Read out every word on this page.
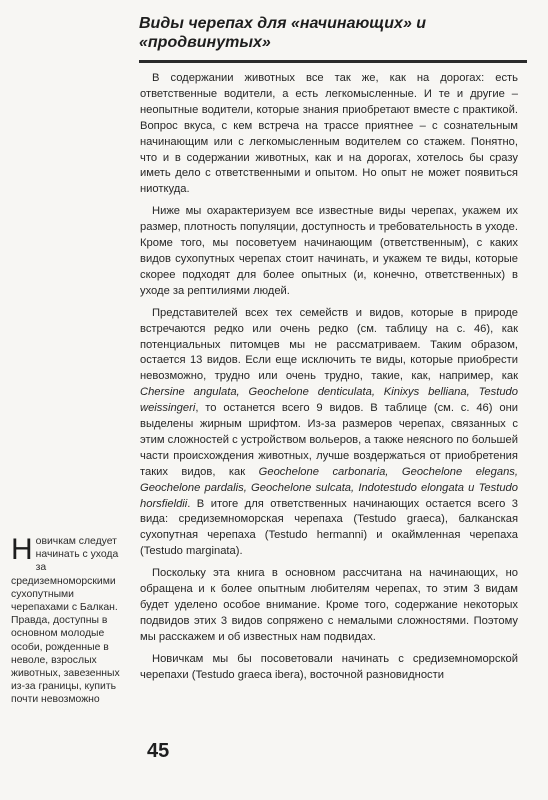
Виды черепах для «начинающих» и «продвинутых»

В содержании животных все так же, как на дорогах: есть ответственные водители, а есть легкомысленные. И те и другие – неопытные водители, которые знания приобретают вместе с практикой. Вопрос вкуса, с кем встреча на трассе приятнее – с сознательным начинающим или с легкомысленным водителем со стажем. Понятно, что и в содержании животных, как и на дорогах, хотелось бы сразу иметь дело с ответственными и опытом. Но опыт не может появиться ниоткуда.

Ниже мы охарактеризуем все известные виды черепах, укажем их размер, плотность популяции, доступность и требовательность в уходе. Кроме того, мы посоветуем начинающим (ответственным), с каких видов сухопутных черепах стоит начинать, и укажем те виды, которые скорее подходят для более опытных (и, конечно, ответственных) в уходе за рептилиями людей.

Представителей всех тех семейств и видов, которые в природе встречаются редко или очень редко (см. таблицу на с. 46), как потенциальных питомцев мы не рассматриваем. Таким образом, остается 13 видов. Если еще исключить те виды, которые приобрести невозможно, трудно или очень трудно, такие, как, например, как Chersine angulata, Geochelone denticulata, Kinixys belliana, Testudo weissingeri, то останется всего 9 видов. В таблице (см. с. 46) они выделены жирным шрифтом. Из-за размеров черепах, связанных с этим сложностей с устройством вольеров, а также неясного по большей части происхождения животных, лучше воздержаться от приобретения таких видов, как Geochelone carbonaria, Geochelone elegans, Geochelone pardalis, Geochelone sulcata, Indotestudo elongata и Testudo horsfieldii. В итоге для ответственных начинающих остается всего 3 вида: средиземноморская черепаха (Testudo graeca), балканская сухопутная черепаха (Testudo hermanni) и окаймленная черепаха (Testudo marginata).

Поскольку эта книга в основном рассчитана на начинающих, но обращена и к более опытным любителям черепах, то этим 3 видам будет уделено особое внимание. Кроме того, содержание некоторых подвидов этих 3 видов сопряжено с немалыми сложностями. Поэтому мы расскажем и об известных нам подвидах.

Новичкам мы бы посоветовали начинать с средиземноморской черепахи (Testudo graeca ibera), восточной разновидности

Новичкам следует начинать с ухода за средиземноморскими сухопутными черепахами с Балкан. Правда, доступны в основном молодые особи, рожденные в неволе, взрослых животных, завезенных из-за границы, купить почти невозможно
45
